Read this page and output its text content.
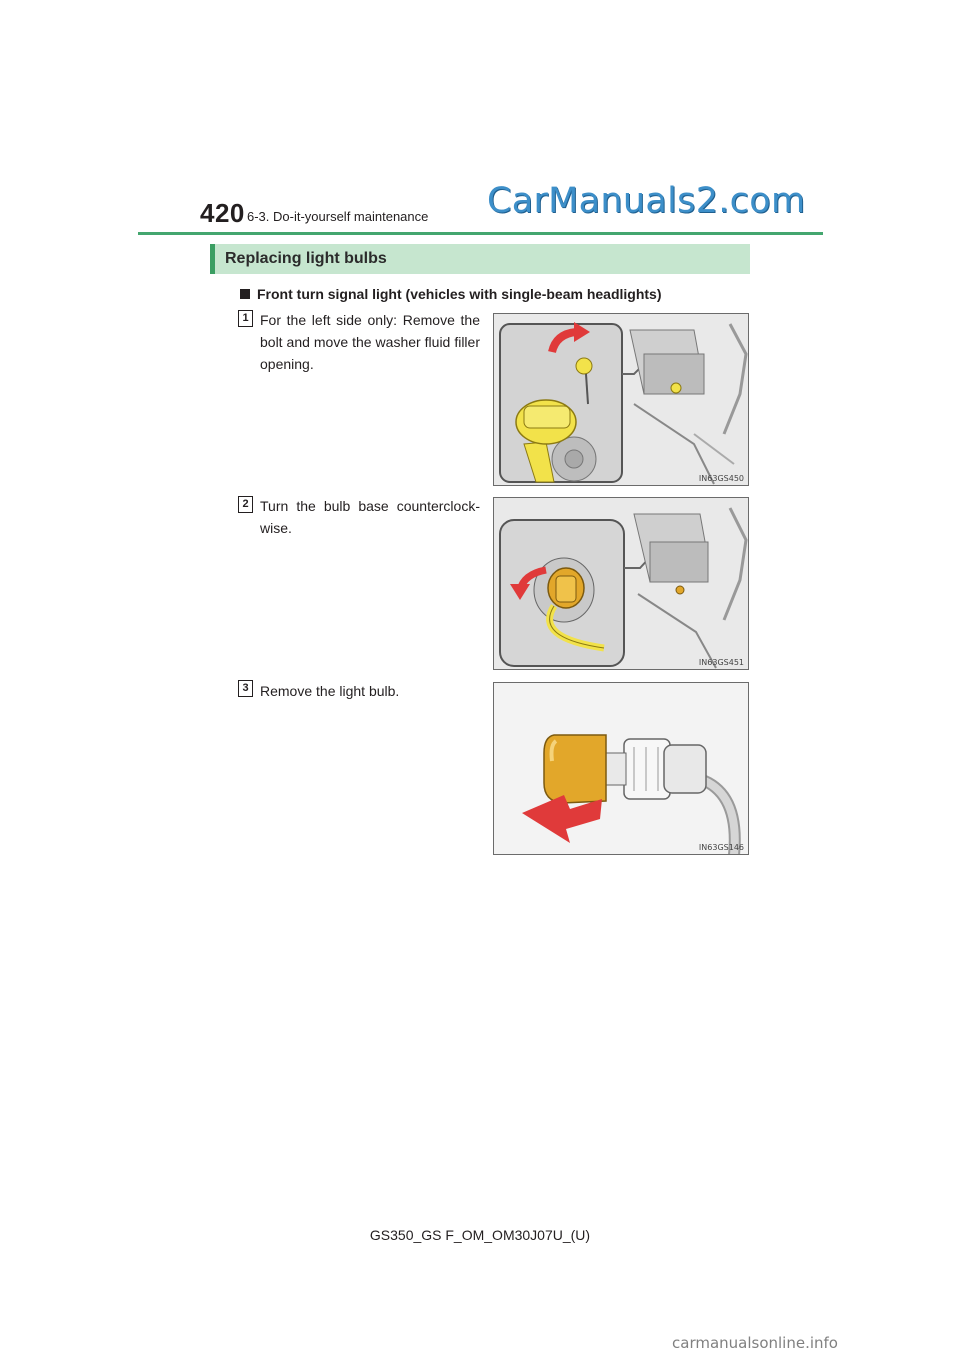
420 6-3. Do-it-yourself maintenance CarManuals2.com
Replacing light bulbs
Front turn signal light (vehicles with single-beam headlights)
1 For the left side only: Remove the bolt and move the washer fluid filler opening.
IN63GS450
2 Turn the bulb base counterclock-wise.
IN63GS451
3 Remove the light bulb.
IN63GS146
GS350_GS F_OM_OM30J07U_(U)
carmanualsonline.info
